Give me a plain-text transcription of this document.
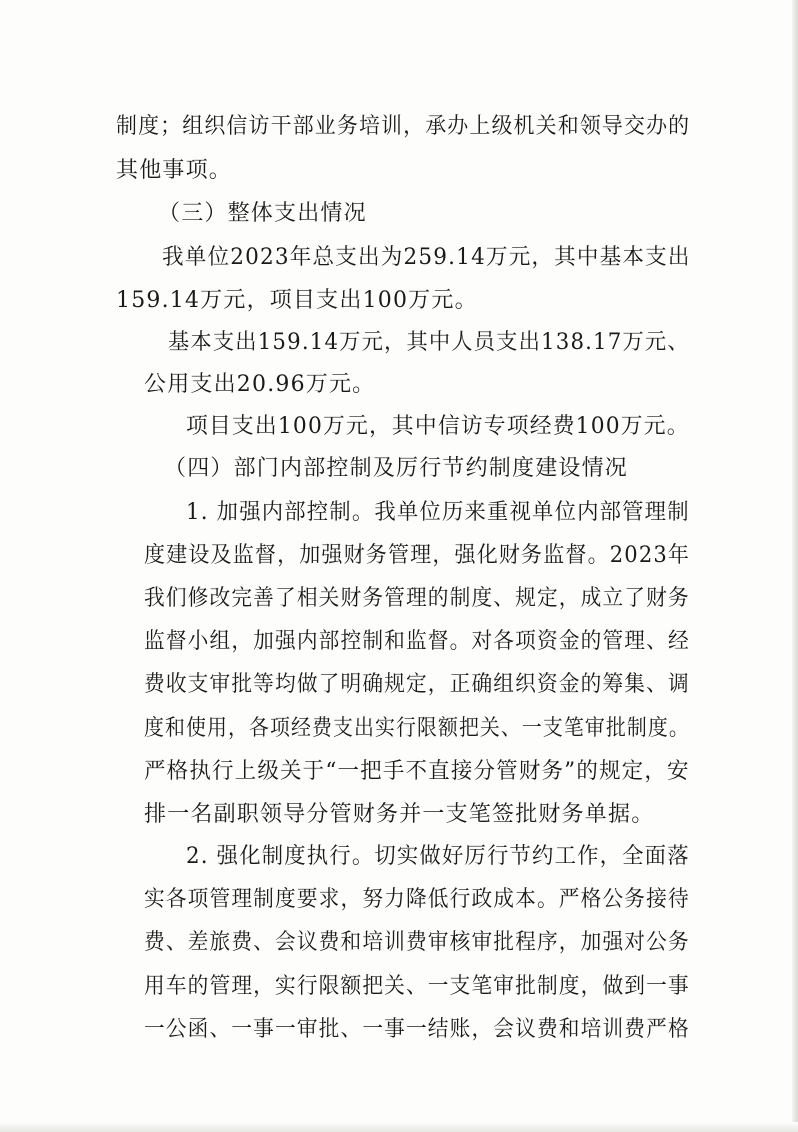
制度；组织信访干部业务培训，承办上级机关和领导交办的
其他事项。
（三）整体支出情况
我单位2023年总支出为259.14万元，其中基本支出
159.14万元，项目支出100万元。
基本支出159.14万元，其中人员支出138.17万元、
公用支出20.96万元。
项目支出100万元，其中信访专项经费100万元。
（四）部门内部控制及厉行节约制度建设情况
1. 加强内部控制。我单位历来重视单位内部管理制
度建设及监督，加强财务管理，强化财务监督。2023年
我们修改完善了相关财务管理的制度、规定，成立了财务
监督小组，加强内部控制和监督。对各项资金的管理、经
费收支审批等均做了明确规定，正确组织资金的筹集、调
度和使用，各项经费支出实行限额把关、一支笔审批制度。
严格执行上级关于“一把手不直接分管财务”的规定，安
排一名副职领导分管财务并一支笔签批财务单据。
2. 强化制度执行。切实做好厉行节约工作，全面落
实各项管理制度要求，努力降低行政成本。严格公务接待
费、差旅费、会议费和培训费审核审批程序，加强对公务
用车的管理，实行限额把关、一支笔审批制度，做到一事
一公函、一事一审批、一事一结账，会议费和培训费严格
